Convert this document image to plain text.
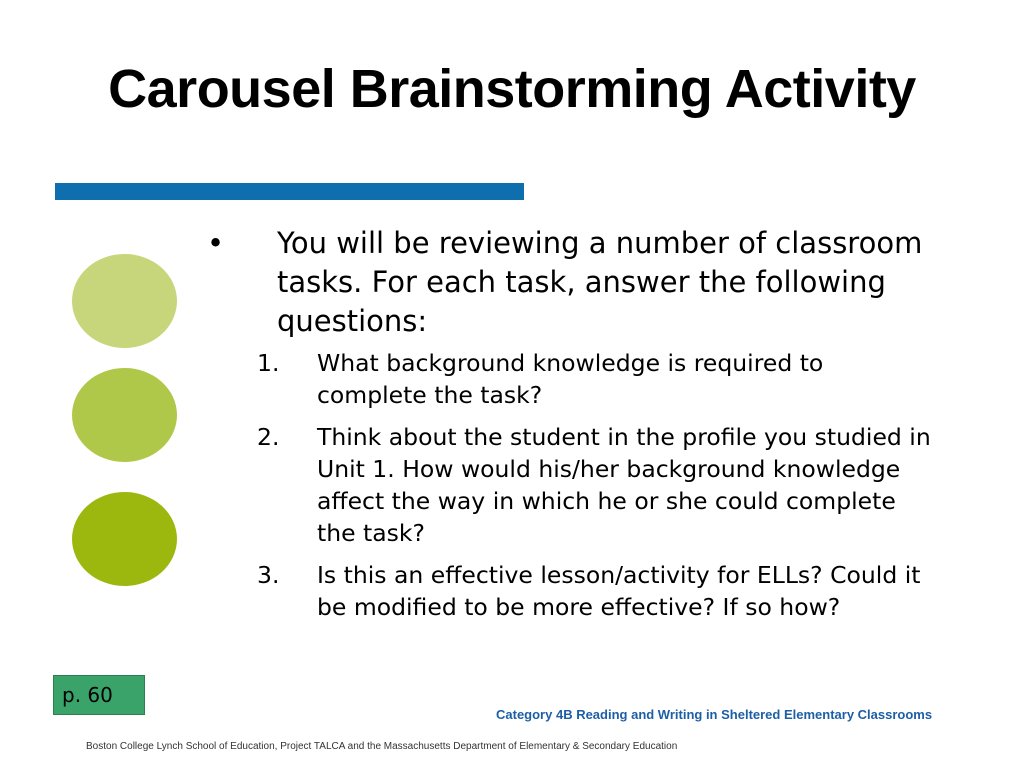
Carousel Brainstorming Activity
•	You will be reviewing a number of classroom tasks. For each task, answer the following questions:
1.	What background knowledge is required to complete the task?
2.	Think about the student in the profile you studied in Unit 1. How would his/her background knowledge affect the way in which he or she could complete the task?
3.	Is this an effective lesson/activity for ELLs? Could it be modified to be more effective? If so how?
p. 60
Category 4B Reading and Writing in Sheltered Elementary Classrooms
Boston College Lynch School of Education, Project TALCA and the Massachusetts Department of Elementary & Secondary Education
